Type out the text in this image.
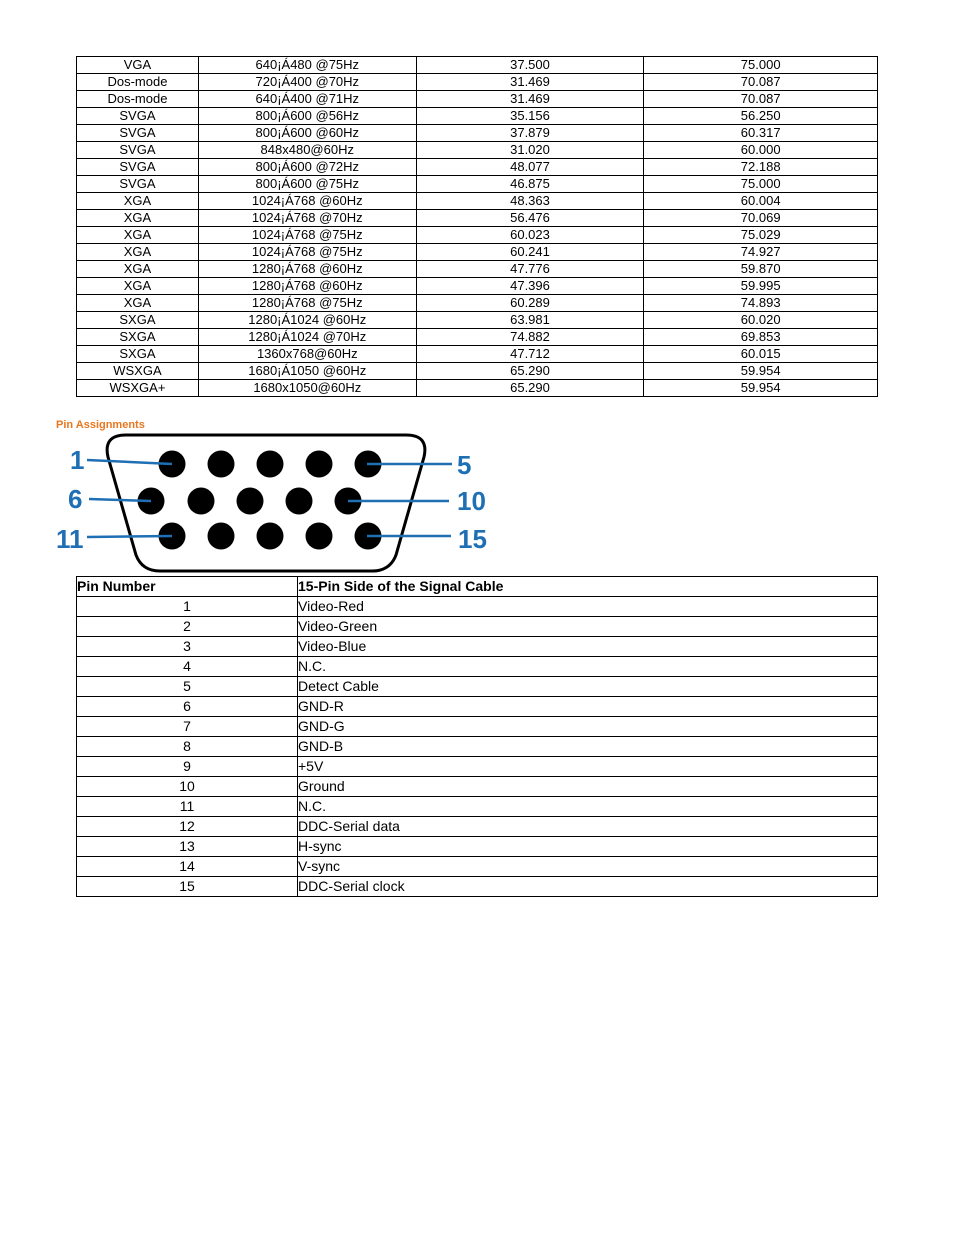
VGA	640¡Á480 @75Hz	37.500	75.000
Dos-mode	720¡Á400 @70Hz	31.469	70.087
Dos-mode	640¡Á400 @71Hz	31.469	70.087
SVGA	800¡Á600 @56Hz	35.156	56.250
SVGA	800¡Á600 @60Hz	37.879	60.317
SVGA	848x480@60Hz	31.020	60.000
SVGA	800¡Á600 @72Hz	48.077	72.188
SVGA	800¡Á600 @75Hz	46.875	75.000
XGA	1024¡Á768 @60Hz	48.363	60.004
XGA	1024¡Á768 @70Hz	56.476	70.069
XGA	1024¡Á768 @75Hz	60.023	75.029
XGA	1024¡Á768 @75Hz	60.241	74.927
XGA	1280¡Á768 @60Hz	47.776	59.870
XGA	1280¡Á768 @60Hz	47.396	59.995
XGA	1280¡Á768 @75Hz	60.289	74.893
SXGA	1280¡Á1024 @60Hz	63.981	60.020
SXGA	1280¡Á1024 @70Hz	74.882	69.853
SXGA	1360x768@60Hz	47.712	60.015
WSXGA	1680¡Á1050 @60Hz	65.290	59.954
WSXGA+	1680x1050@60Hz	65.290	59.954
Pin Assignments
1
6
11
5
10
15
Pin Number	15-Pin Side of the Signal Cable
1	Video-Red
2	Video-Green
3	Video-Blue
4	N.C.
5	Detect Cable
6	GND-R
7	GND-G
8	GND-B
9	+5V
10	Ground
11	N.C.
12	DDC-Serial data
13	H-sync
14	V-sync
15	DDC-Serial clock
